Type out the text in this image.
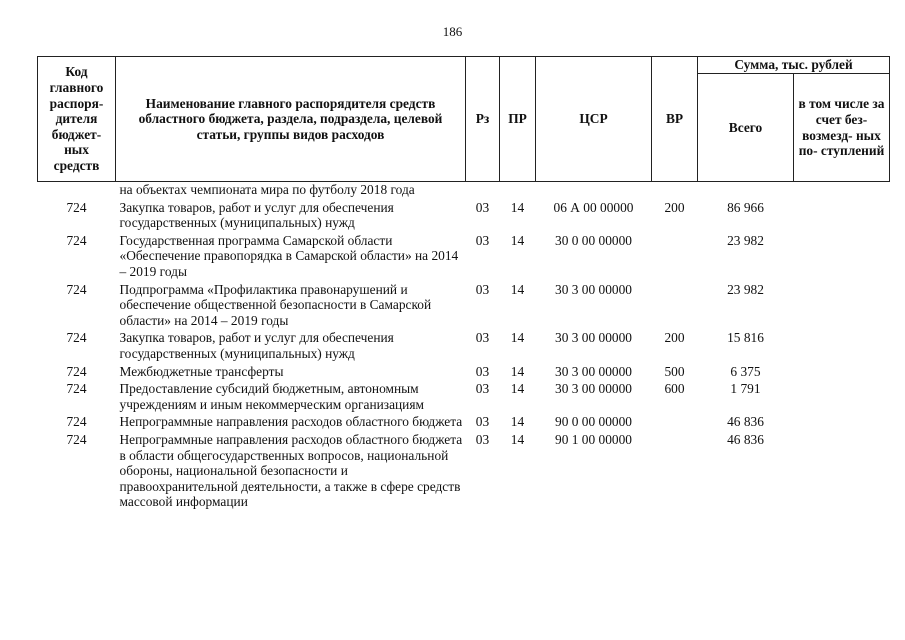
186
Код главного распоря- дителя бюджет- ных средств	Наименование главного распорядителя средств областного бюджета, раздела, подраздела, целевой статьи, группы видов расходов	Рз	ПР	ЦСР	ВР	Сумма, тыс. рублей	
						Всего	в том числе за счет без- возмезд- ных по- ступлений
	на объектах чемпионата мира по футболу 2018 года						
724	Закупка товаров, работ и услуг для обеспечения государственных (муниципальных) нужд	03	14	06 А 00 00000	200	86 966	
724	Государственная программа Самарской области «Обеспечение правопорядка в Самарской области» на 2014 – 2019 годы	03	14	30 0 00 00000		23 982	
724	Подпрограмма «Профилактика правонарушений и обеспечение общественной безопасности в Самарской области» на 2014 – 2019 годы	03	14	30 3 00 00000		23 982	
724	Закупка товаров, работ и услуг для обеспечения государственных (муниципальных) нужд	03	14	30 3 00 00000	200	15 816	
724	Межбюджетные трансферты	03	14	30 3 00 00000	500	6 375	
724	Предоставление субсидий бюджетным, автономным учреждениям и иным некоммерческим организациям	03	14	30 3 00 00000	600	1 791	
724	Непрограммные направления расходов областного бюджета	03	14	90 0 00 00000		46 836	
724	Непрограммные направления расходов областного бюджета в области общегосударственных вопросов, национальной обороны, национальной безопасности и правоохранительной деятельности, а также в сфере средств массовой информации	03	14	90 1 00 00000		46 836	
